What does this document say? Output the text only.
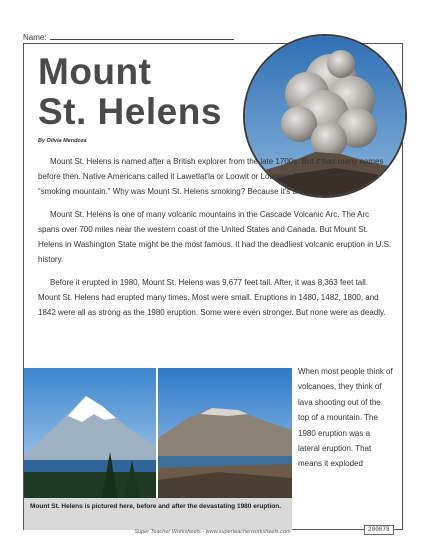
Name:
Mount
St. Helens
By Olivia Mendoza

Mount St. Helens is named after a British explorer from the late 1700s. But it had many names before then. Native Americans called it Lawetlat'la or Loowit or Louwala-Clough. They mean “smoking mountain.” Why was Mount St. Helens smoking? Because it's a volcano.

Mount St. Helens is one of many volcanic mountains in the Cascade Volcanic Arc. The Arc spans over 700 miles near the western coast of the United States and Canada. But Mount St. Helens in Washington State might be the most famous. It had the deadliest volcanic eruption in U.S. history.

Before it erupted in 1980, Mount St. Helens was 9,677 feet tall. After, it was 8,363 feet tall. Mount St. Helens had erupted many times. Most were small. Eruptions in 1480, 1482, 1800, and 1842 were all as strong as the 1980 eruption. Some were even stronger. But none were as deadly.

Mount St. Helens is pictured here, before and after the devastating 1980 eruption.
When most people think of volcanoes, they think of lava shooting out of the top of a mountain. The 1980 eruption was a lateral eruption. That means it exploded
Super Teacher Worksheets - www.superteacherworksheets.com	200078
